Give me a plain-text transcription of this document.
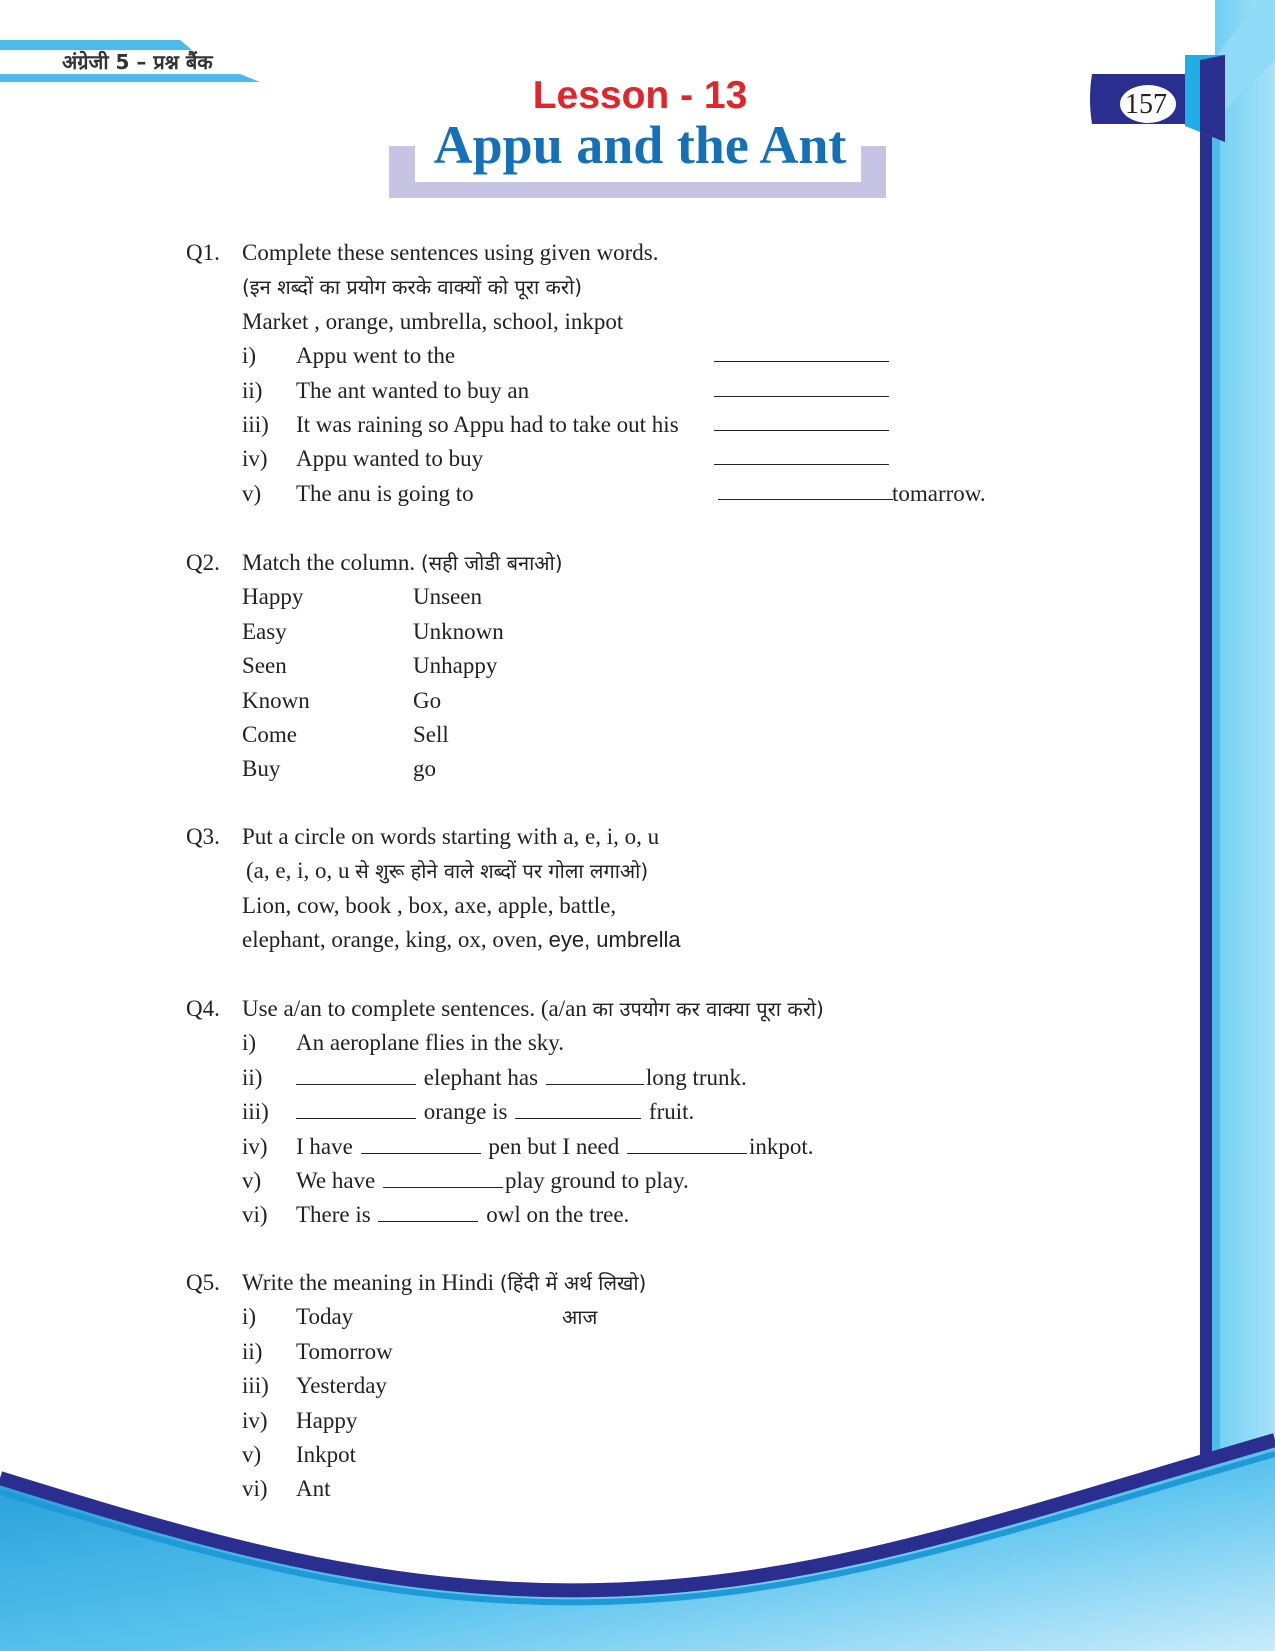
अंग्रेजी 5 – प्रश्न बैंक
157
Lesson - 13
Appu and the Ant
Q1. Complete these sentences using given words.
(इन शब्दों का प्रयोग करके वाक्यों को पूरा करो)
Market , orange, umbrella, school, inkpot
i) Appu went to the
ii) The ant wanted to buy an
iii) It was raining so Appu had to take out his
iv) Appu wanted to buy
v) The anu is going to	tomarrow.
Q2. Match the column. (सही जोडी बनाओ)
Happy	Unseen
Easy	Unknown
Seen	Unhappy
Known	Go
Come	Sell
Buy	go
Q3. Put a circle on words starting with a, e, i, o, u
(a, e, i, o, u से शुरू होने वाले शब्दों पर गोला लगाओ)
Lion, cow, book , box, axe, apple, battle,
elephant, orange, king, ox, oven, eye, umbrella
Q4. Use a/an to complete sentences. (a/an का उपयोग कर वाक्या पूरा करो)
i) An aeroplane flies in the sky.
ii)	elephant has	long trunk.
iii)	orange is	fruit.
iv) I have	pen but I need	inkpot.
v) We have	play ground to play.
vi) There is	owl on the tree.
Q5. Write the meaning in Hindi (हिंदी में अर्थ लिखो)
i) Today	आज
ii) Tomorrow
iii) Yesterday
iv) Happy
v) Inkpot
vi) Ant
